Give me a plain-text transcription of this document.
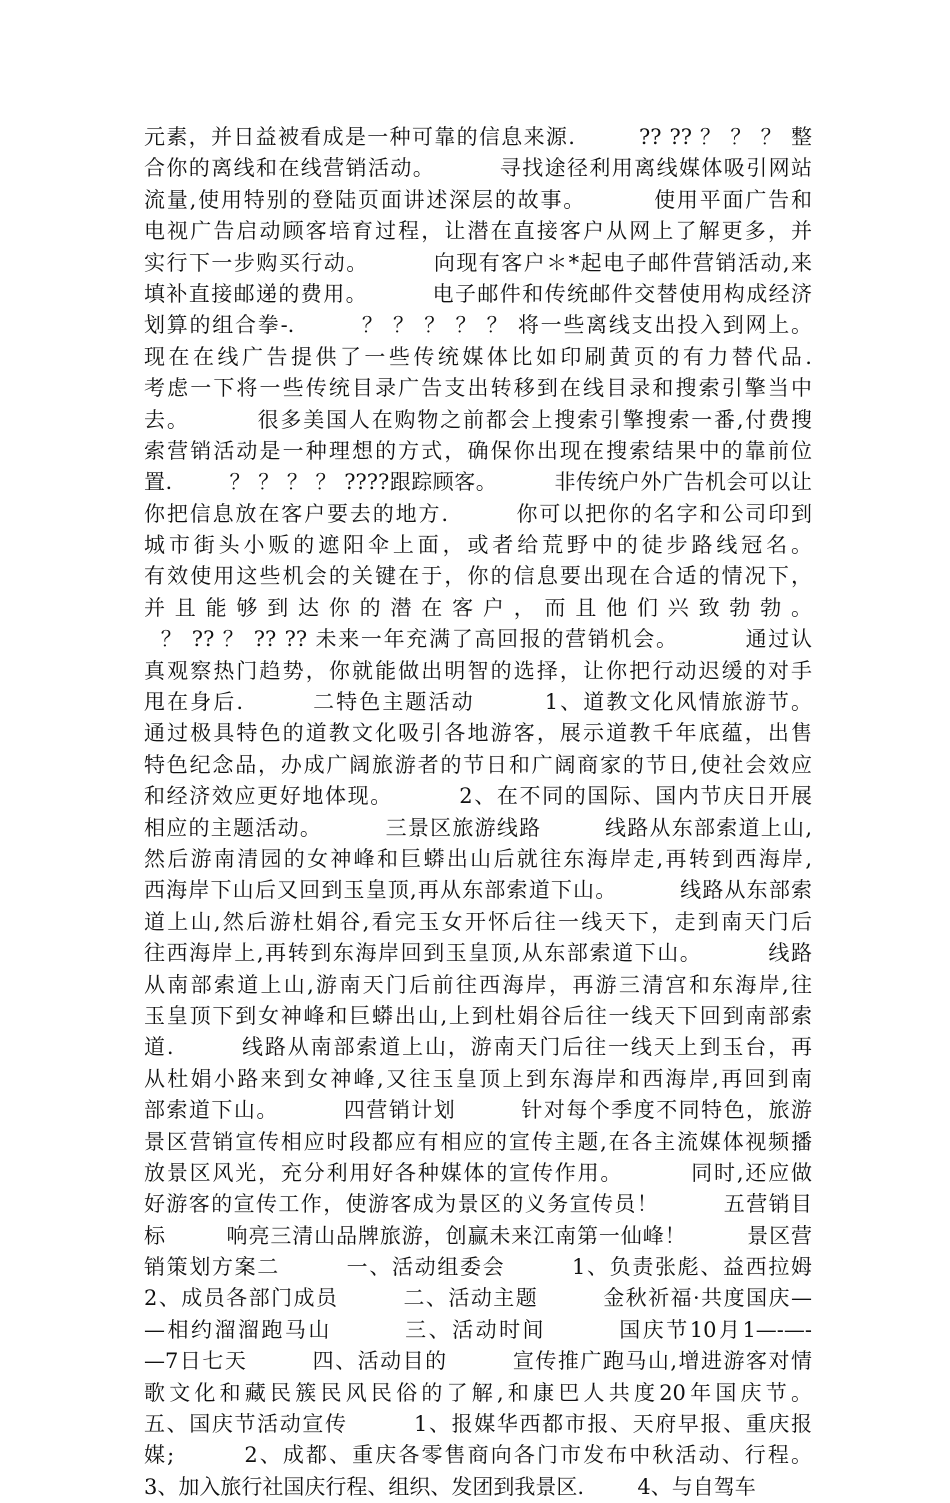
元素，并日益被看成是一种可靠的信息来源.        ?? ?? ？ ？ ？ 整
合你的离线和在线营销活动。        寻找途径利用离线媒体吸引网站
流量,使用特别的登陆页面讲述深层的故事。        使用平面广告和
电视广告启动顾客培育过程，让潜在直接客户从网上了解更多，并
实行下一步购买行动。        向现有客户＊*起电子邮件营销活动,来
填补直接邮递的费用。        电子邮件和传统邮件交替使用构成经济
划算的组合拳-.        ？ ？ ？ ？ ？ 将一些离线支出投入到网上。
现在在线广告提供了一些传统媒体比如印刷黄页的有力替代品.
考虑一下将一些传统目录广告支出转移到在线目录和搜索引擎当中
去。        很多美国人在购物之前都会上搜索引擎搜索一番,付费搜
索营销活动是一种理想的方式，确保你出现在搜索结果中的靠前位
置.        ？ ？ ？ ？ ????跟踪顾客。        非传统户外广告机会可以让
你把信息放在客户要去的地方.        你可以把你的名字和公司印到
城市街头小贩的遮阳伞上面，或者给荒野中的徒步路线冠名。
有效使用这些机会的关键在于，你的信息要出现在合适的情况下，
并且能够到达你的潜在客户，而且他们兴致勃勃。
？ ?? ？ ?? ?? 未来一年充满了高回报的营销机会。        通过认
真观察热门趋势，你就能做出明智的选择，让你把行动迟缓的对手
甩在身后.        二特色主题活动        1、道教文化风情旅游节。
通过极具特色的道教文化吸引各地游客，展示道教千年底蕴，出售
特色纪念品，办成广阔旅游者的节日和广阔商家的节日,使社会效应
和经济效应更好地体现。        2、在不同的国际、国内节庆日开展
相应的主题活动。        三景区旅游线路        线路从东部索道上山,
然后游南清园的女神峰和巨蟒出山后就往东海岸走,再转到西海岸,
西海岸下山后又回到玉皇顶,再从东部索道下山。        线路从东部索
道上山,然后游杜娟谷,看完玉女开怀后往一线天下，走到南天门后
往西海岸上,再转到东海岸回到玉皇顶,从东部索道下山。        线路
从南部索道上山,游南天门后前往西海岸，再游三清宫和东海岸,往
玉皇顶下到女神峰和巨蟒出山,上到杜娟谷后往一线天下回到南部索
道.        线路从南部索道上山，游南天门后往一线天上到玉台，再
从杜娟小路来到女神峰,又往玉皇顶上到东海岸和西海岸,再回到南
部索道下山。        四营销计划        针对每个季度不同特色，旅游
景区营销宣传相应时段都应有相应的宣传主题,在各主流媒体视频播
放景区风光，充分利用好各种媒体的宣传作用。        同时,还应做
好游客的宣传工作，使游客成为景区的义务宣传员！        五营销目
标        响亮三清山品牌旅游，创赢未来江南第一仙峰！        景区营
销策划方案二        一、活动组委会        1、负责张彪、益西拉姆
2、成员各部门成员        二、活动主题        金秋祈福·共度国庆—
—相约溜溜跑马山        三、活动时间        国庆节10月1—-—-
—7日七天        四、活动目的        宣传推广跑马山,增进游客对情
歌文化和藏民簇民风民俗的了解,和康巴人共度20年国庆节。
五、国庆节活动宣传        1、报媒华西都市报、天府早报、重庆报
媒;        2、成都、重庆各零售商向各门市发布中秋活动、行程。
3、加入旅行社国庆行程、组织、发团到我景区.        4、与自驾车
